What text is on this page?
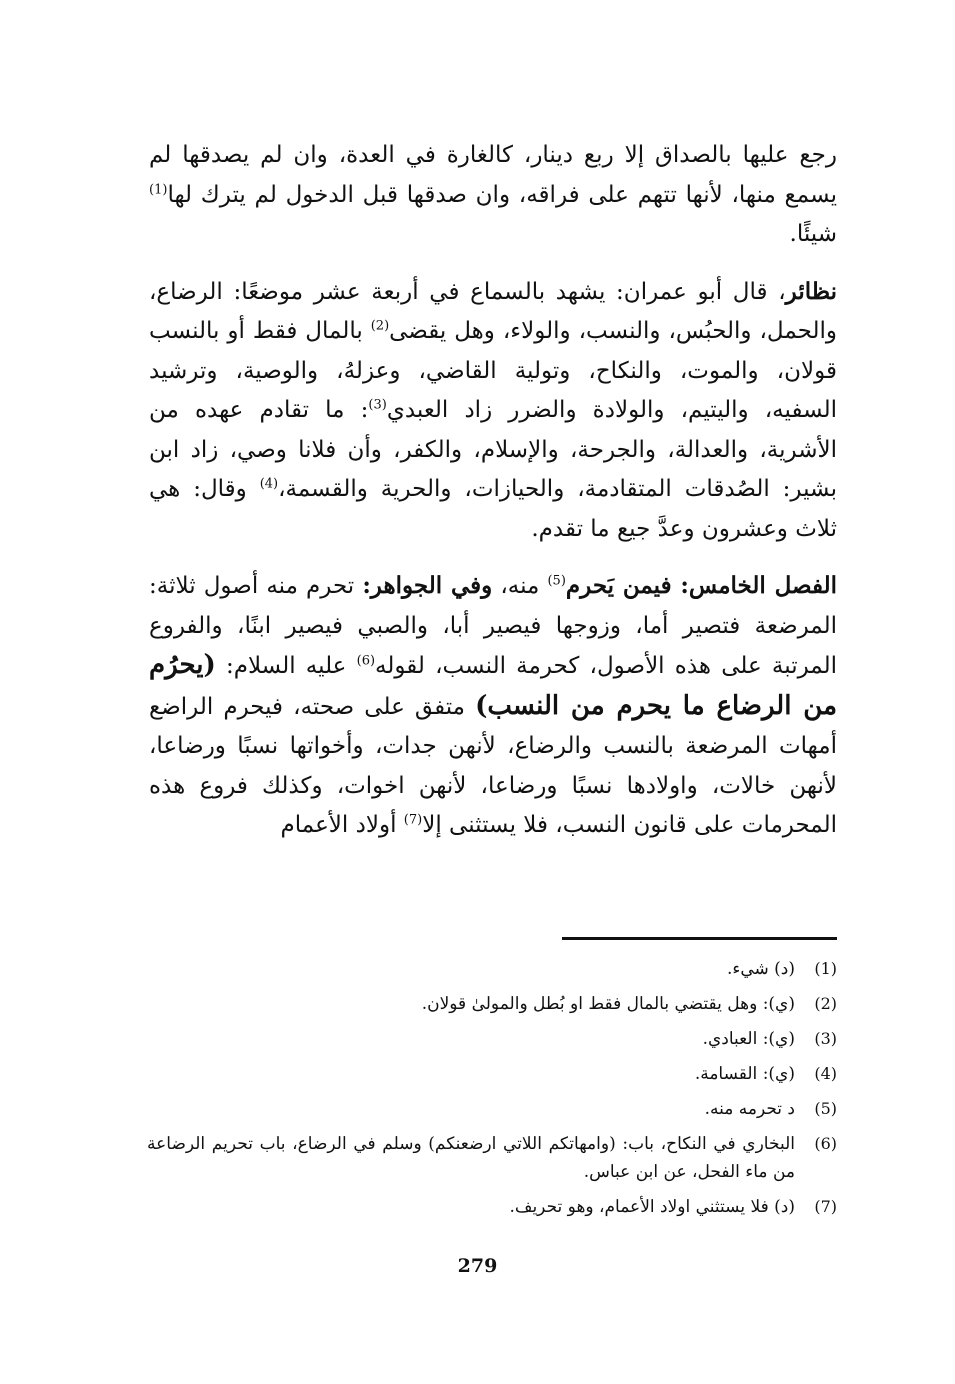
رجع عليها بالصداق إلا ربع دينار، كالغارة في العدة، وان لم يصدقها لم يسمع منها، لأنها تتهم على فراقه، وان صدقها قبل الدخول لم يترك لها$^{(1)}$ شيئًا.

نظائر، قال أبو عمران: يشهد بالسماع في أربعة عشر موضعًا: الرضاع، والحمل، والحبُس، والنسب، والولاء، وهل يقضى$^{(2)}$ بالمال فقط أو بالنسب قولان، والموت، والنكاح، وتولية القاضي، وعزلهُ، والوصية، وترشيد السفيه، واليتيم، والولادة والضرر زاد العبدي$^{(3)}$: ما تقادم عهده من الأشرية، والعدالة، والجرحة، والإسلام، والكفر، وأن فلانا وصي، زاد ابن بشير: الصُدقات المتقادمة، والحيازات، والحرية والقسمة،$^{(4)}$ وقال: هي ثلاث وعشرون وعدَّ جيع ما تقدم.

الفصل الخامس: فيمن يَحرم$^{(5)}$ منه، وفي الجواهر: تحرم منه أصول ثلاثة: المرضعة فتصير أما، وزوجها فيصير أبا، والصبي فيصير ابنًا، والفروع المرتبة على هذه الأصول، كحرمة النسب، لقوله$^{(6)}$ عليه السلام: (يحرُم من الرضاع ما يحرم من النسب) متفق على صحته، فيحرم الراضع أمهات المرضعة بالنسب والرضاع، لأنهن جدات، وأخواتها نسبًا ورضاعا، لأنهن خالات، واولادها نسبًا ورضاعا، لأنهن اخوات، وكذلك فروع هذه المحرمات على قانون النسب، فلا يستثنى إلا$^{(7)}$ أولاد الأعمام

(1)
(د) شيء.
(2)
(ي): وهل يقتضي بالمال فقط او بُطل والمولىٰ قولان.
(3)
(ي): العبادي.
(4)
(ي): القسامة.
(5)
د تحرمه منه.
(6)
البخاري في النكاح، باب: (وامهاتكم اللاتي ارضعنكم) وسلم في الرضاع، باب تحريم الرضاعة من ماء الفحل، عن ابن عباس.
(7)
(د) فلا يستثني اولاد الأعمام، وهو تحريف.
279
